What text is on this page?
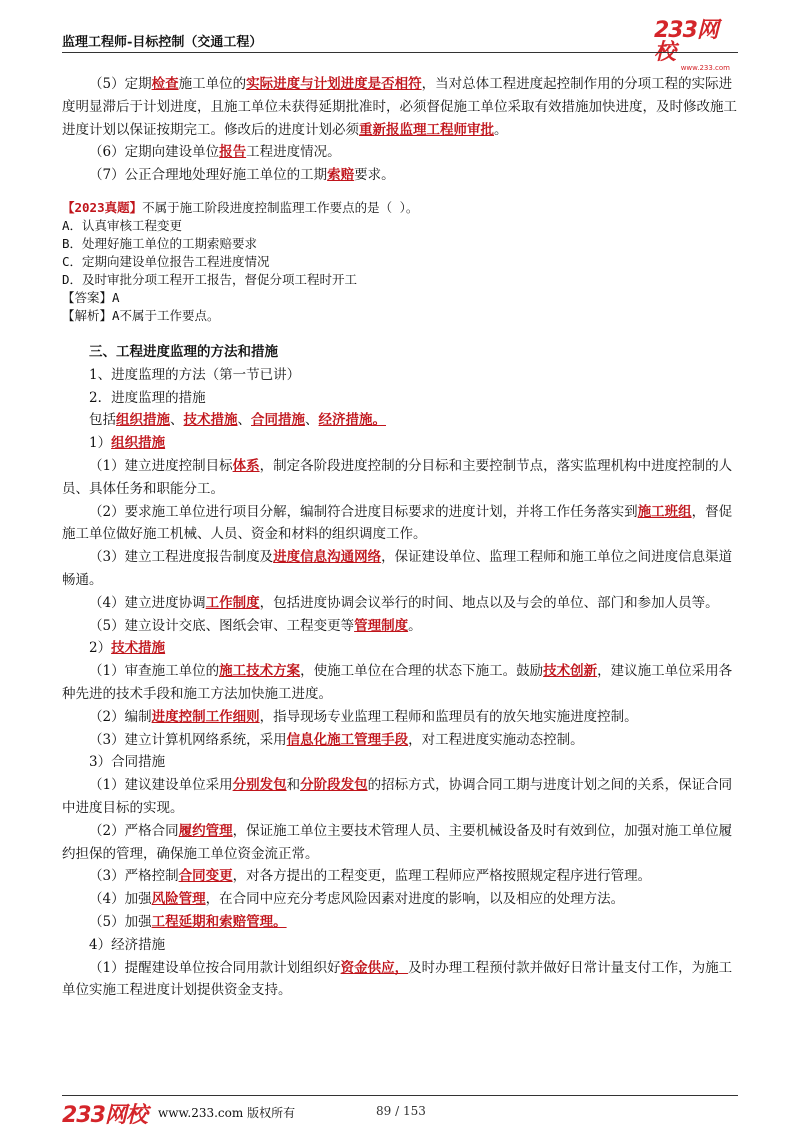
监理工程师-目标控制（交通工程）	233网校
www.233.com

（5）定期检查施工单位的实际进度与计划进度是否相符，当对总体工程进度起控制作用的分项工程的实际进度明显滞后于计划进度，且施工单位未获得延期批准时，必须督促施工单位采取有效措施加快进度，及时修改施工进度计划以保证按期完工。修改后的进度计划必须重新报监理工程师审批。

（6）定期向建设单位报告工程进度情况。

（7）公正合理地处理好施工单位的工期索赔要求。

【2023真题】不属于施工阶段进度控制监理工作要点的是（ ）。

A．认真审核工程变更

B．处理好施工单位的工期索赔要求

C．定期向建设单位报告工程进度情况

D．及时审批分项工程开工报告，督促分项工程时开工

【答案】A

【解析】A不属于工作要点。

三、工程进度监理的方法和措施

1、进度监理的方法（第一节已讲）

2．进度监理的措施

包括组织措施、技术措施、合同措施、经济措施。

1）组织措施

（1）建立进度控制目标体系，制定各阶段进度控制的分目标和主要控制节点，落实监理机构中进度控制的人员、具体任务和职能分工。

（2）要求施工单位进行项目分解，编制符合进度目标要求的进度计划，并将工作任务落实到施工班组，督促施工单位做好施工机械、人员、资金和材料的组织调度工作。

（3）建立工程进度报告制度及进度信息沟通网络，保证建设单位、监理工程师和施工单位之间进度信息渠道畅通。

（4）建立进度协调工作制度，包括进度协调会议举行的时间、地点以及与会的单位、部门和参加人员等。

（5）建立设计交底、图纸会审、工程变更等管理制度。

2）技术措施

（1）审查施工单位的施工技术方案，使施工单位在合理的状态下施工。鼓励技术创新，建议施工单位采用各种先进的技术手段和施工方法加快施工进度。

（2）编制进度控制工作细则，指导现场专业监理工程师和监理员有的放矢地实施进度控制。

（3）建立计算机网络系统，采用信息化施工管理手段，对工程进度实施动态控制。

3）合同措施

（1）建议建设单位采用分别发包和分阶段发包的招标方式，协调合同工期与进度计划之间的关系，保证合同中进度目标的实现。

（2）严格合同履约管理，保证施工单位主要技术管理人员、主要机械设备及时有效到位，加强对施工单位履约担保的管理，确保施工单位资金流正常。

（3）严格控制合同变更，对各方提出的工程变更，监理工程师应严格按照规定程序进行管理。

（4）加强风险管理，在合同中应充分考虑风险因素对进度的影响，以及相应的处理方法。

（5）加强工程延期和索赔管理。

4）经济措施

（1）提醒建设单位按合同用款计划组织好资金供应，及时办理工程预付款并做好日常计量支付工作，为施工单位实施工程进度计划提供资金支持。

233网校 www.233.com 版权所有	89 / 153
